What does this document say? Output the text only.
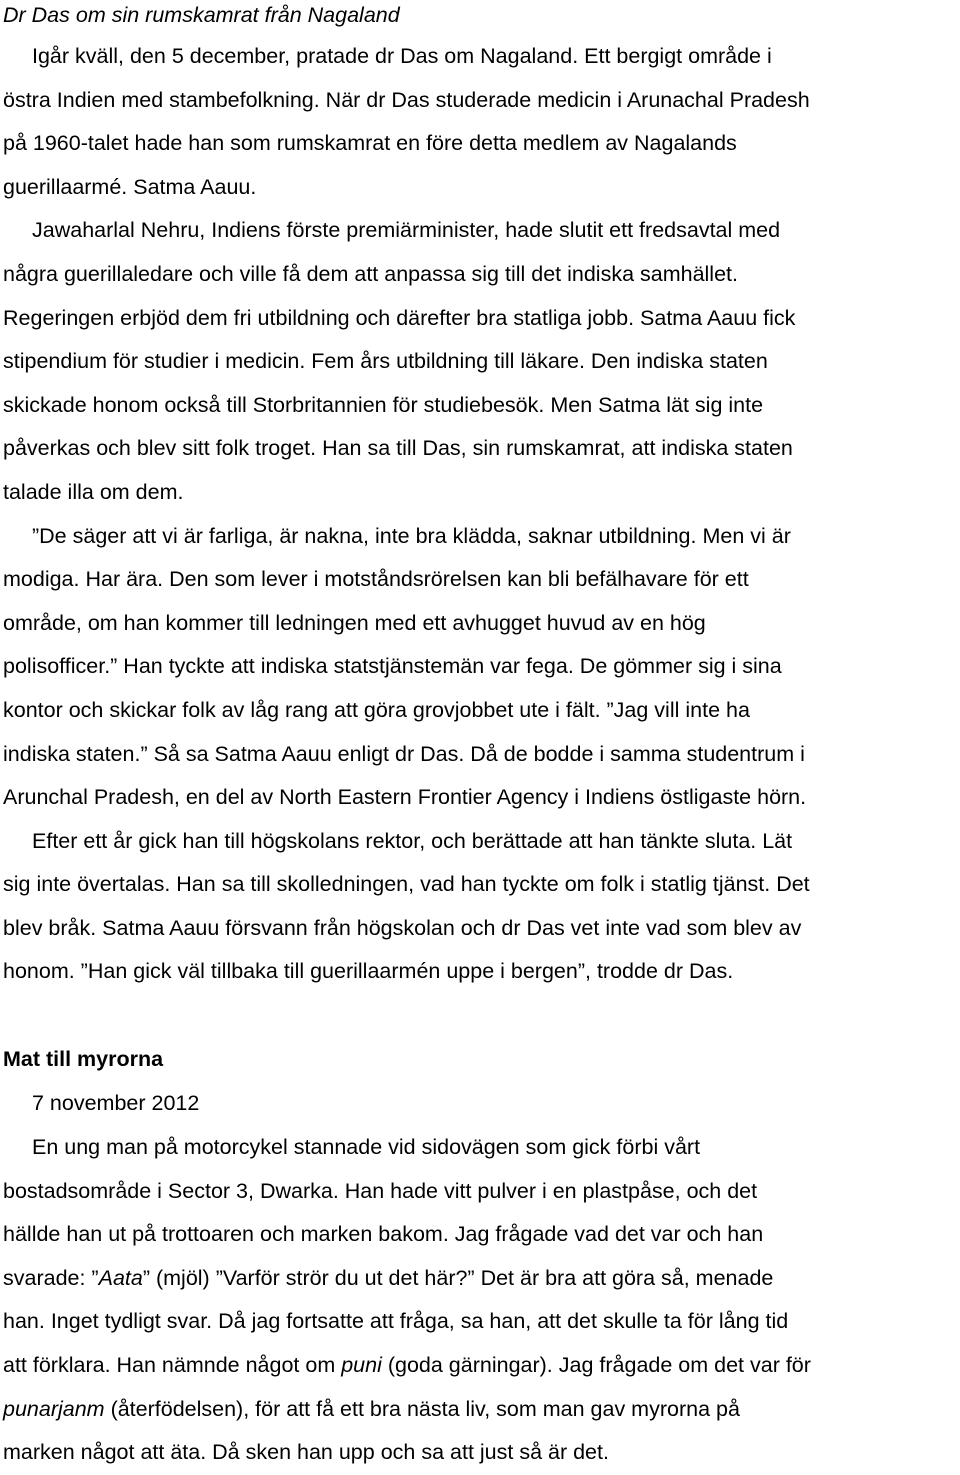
Dr Das om sin rumskamrat från Nagaland

Igår kväll, den 5 december, pratade dr Das om Nagaland. Ett bergigt område i
östra Indien med stambefolkning. När dr Das studerade medicin i Arunachal Pradesh
på 1960-talet hade han som rumskamrat en före detta medlem av Nagalands
guerillaarmé. Satma Aauu.
Jawaharlal Nehru, Indiens förste premiärminister, hade slutit ett fredsavtal med
några guerillaledare och ville få dem att anpassa sig till det indiska samhället.
Regeringen erbjöd dem fri utbildning och därefter bra statliga jobb. Satma Aauu fick
stipendium för studier i medicin. Fem års utbildning till läkare. Den indiska staten
skickade honom också till Storbritannien för studiebesök. Men Satma lät sig inte
påverkas och blev sitt folk troget. Han sa till Das, sin rumskamrat, att indiska staten
talade illa om dem.
”De säger att vi är farliga, är nakna, inte bra klädda, saknar utbildning. Men vi är
modiga. Har ära. Den som lever i motståndsrörelsen kan bli befälhavare för ett
område, om han kommer till ledningen med ett avhugget huvud av en hög
polisofficer.” Han tyckte att indiska statstjänstemän var fega. De gömmer sig i sina
kontor och skickar folk av låg rang att göra grovjobbet ute i fält. ”Jag vill inte ha
indiska staten.” Så sa Satma Aauu enligt dr Das. Då de bodde i samma studentrum i
Arunchal Pradesh, en del av North Eastern Frontier Agency i Indiens östligaste hörn.
Efter ett år gick han till högskolans rektor, och berättade att han tänkte sluta. Lät
sig inte övertalas. Han sa till skolledningen, vad han tyckte om folk i statlig tjänst. Det
blev bråk. Satma Aauu försvann från högskolan och dr Das vet inte vad som blev av
honom. ”Han gick väl tillbaka till guerillaarmén uppe i bergen”, trodde dr Das.

Mat till myrorna

7 november 2012

En ung man på motorcykel stannade vid sidovägen som gick förbi vårt
bostadsområde i Sector 3, Dwarka. Han hade vitt pulver i en plastpåse, och det
hällde han ut på trottoaren och marken bakom. Jag frågade vad det var och han
svarade: ”Aata” (mjöl) ”Varför strör du ut det här?” Det är bra att göra så, menade
han. Inget tydligt svar. Då jag fortsatte att fråga, sa han, att det skulle ta för lång tid
att förklara. Han nämnde något om puni (goda gärningar). Jag frågade om det var för
punarjanm (återfödelsen), för att få ett bra nästa liv, som man gav myrorna på
marken något att äta. Då sken han upp och sa att just så är det.
